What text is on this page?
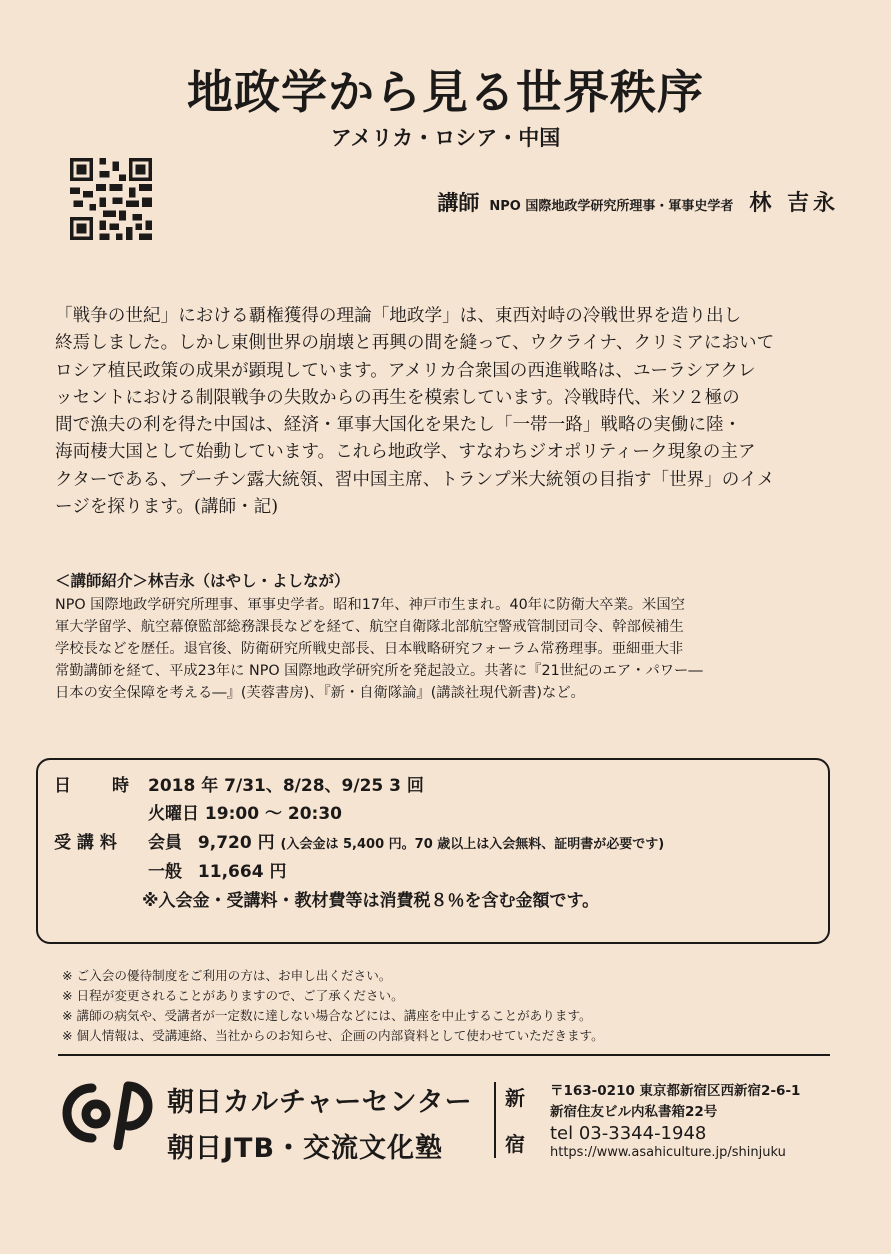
地政学から見る世界秩序
アメリカ・ロシア・中国
講師 NPO 国際地政学研究所理事・軍事史学者 林 吉永

「戦争の世紀」における覇権獲得の理論「地政学」は、東西対峙の冷戦世界を造り出し
終焉しました。しかし東側世界の崩壊と再興の間を縫って、ウクライナ、クリミアにおいて
ロシア植民政策の成果が顕現しています。アメリカ合衆国の西進戦略は、ユーラシアクレ
ッセントにおける制限戦争の失敗からの再生を模索しています。冷戦時代、米ソ２極の
間で漁夫の利を得た中国は、経済・軍事大国化を果たし「一帯一路」戦略の実働に陸・
海両棲大国として始動しています。これら地政学、すなわちジオポリティーク現象の主ア
クターである、プーチン露大統領、習中国主席、トランプ米大統領の目指す「世界」のイメ
ージを探ります。(講師・記)

＜講師紹介＞林吉永（はやし・よしなが）

NPO 国際地政学研究所理事、軍事史学者。昭和17年、神戸市生まれ。40年に防衛大卒業。米国空
軍大学留学、航空幕僚監部総務課長などを経て、航空自衛隊北部航空警戒管制団司令、幹部候補生
学校長などを歴任。退官後、防衛研究所戦史部長、日本戦略研究フォーラム常務理事。亜細亜大非
常勤講師を経て、平成23年に NPO 国際地政学研究所を発起設立。共著に『21世紀のエア・パワー―
日本の安全保障を考える―』(芙蓉書房)、『新・自衛隊論』(講談社現代新書)など。

日 時 2018 年 7/31、8/28、9/25 3 回
火曜日 19:00 ～ 20:30
受 講 料 会員 9,720 円 (入会金は 5,400 円。70 歳以上は入会無料、証明書が必要です)
一般 11,664 円
※入会金・受講料・教材費等は消費税８％を含む金額です。

※ ご入会の優待制度をご利用の方は、お申し出ください。
※ 日程が変更されることがありますので、ご了承ください。
※ 講師の病気や、受講者が一定数に達しない場合などには、講座を中止することがあります。
※ 個人情報は、受講連絡、当社からのお知らせ、企画の内部資料として使わせていただきます。

朝日カルチャーセンター
朝日JTB・交流文化塾
新
宿
〒163-0210 東京都新宿区西新宿2-6-1
新宿住友ビル内私書箱22号
tel 03-3344-1948
https://www.asahiculture.jp/shinjuku
